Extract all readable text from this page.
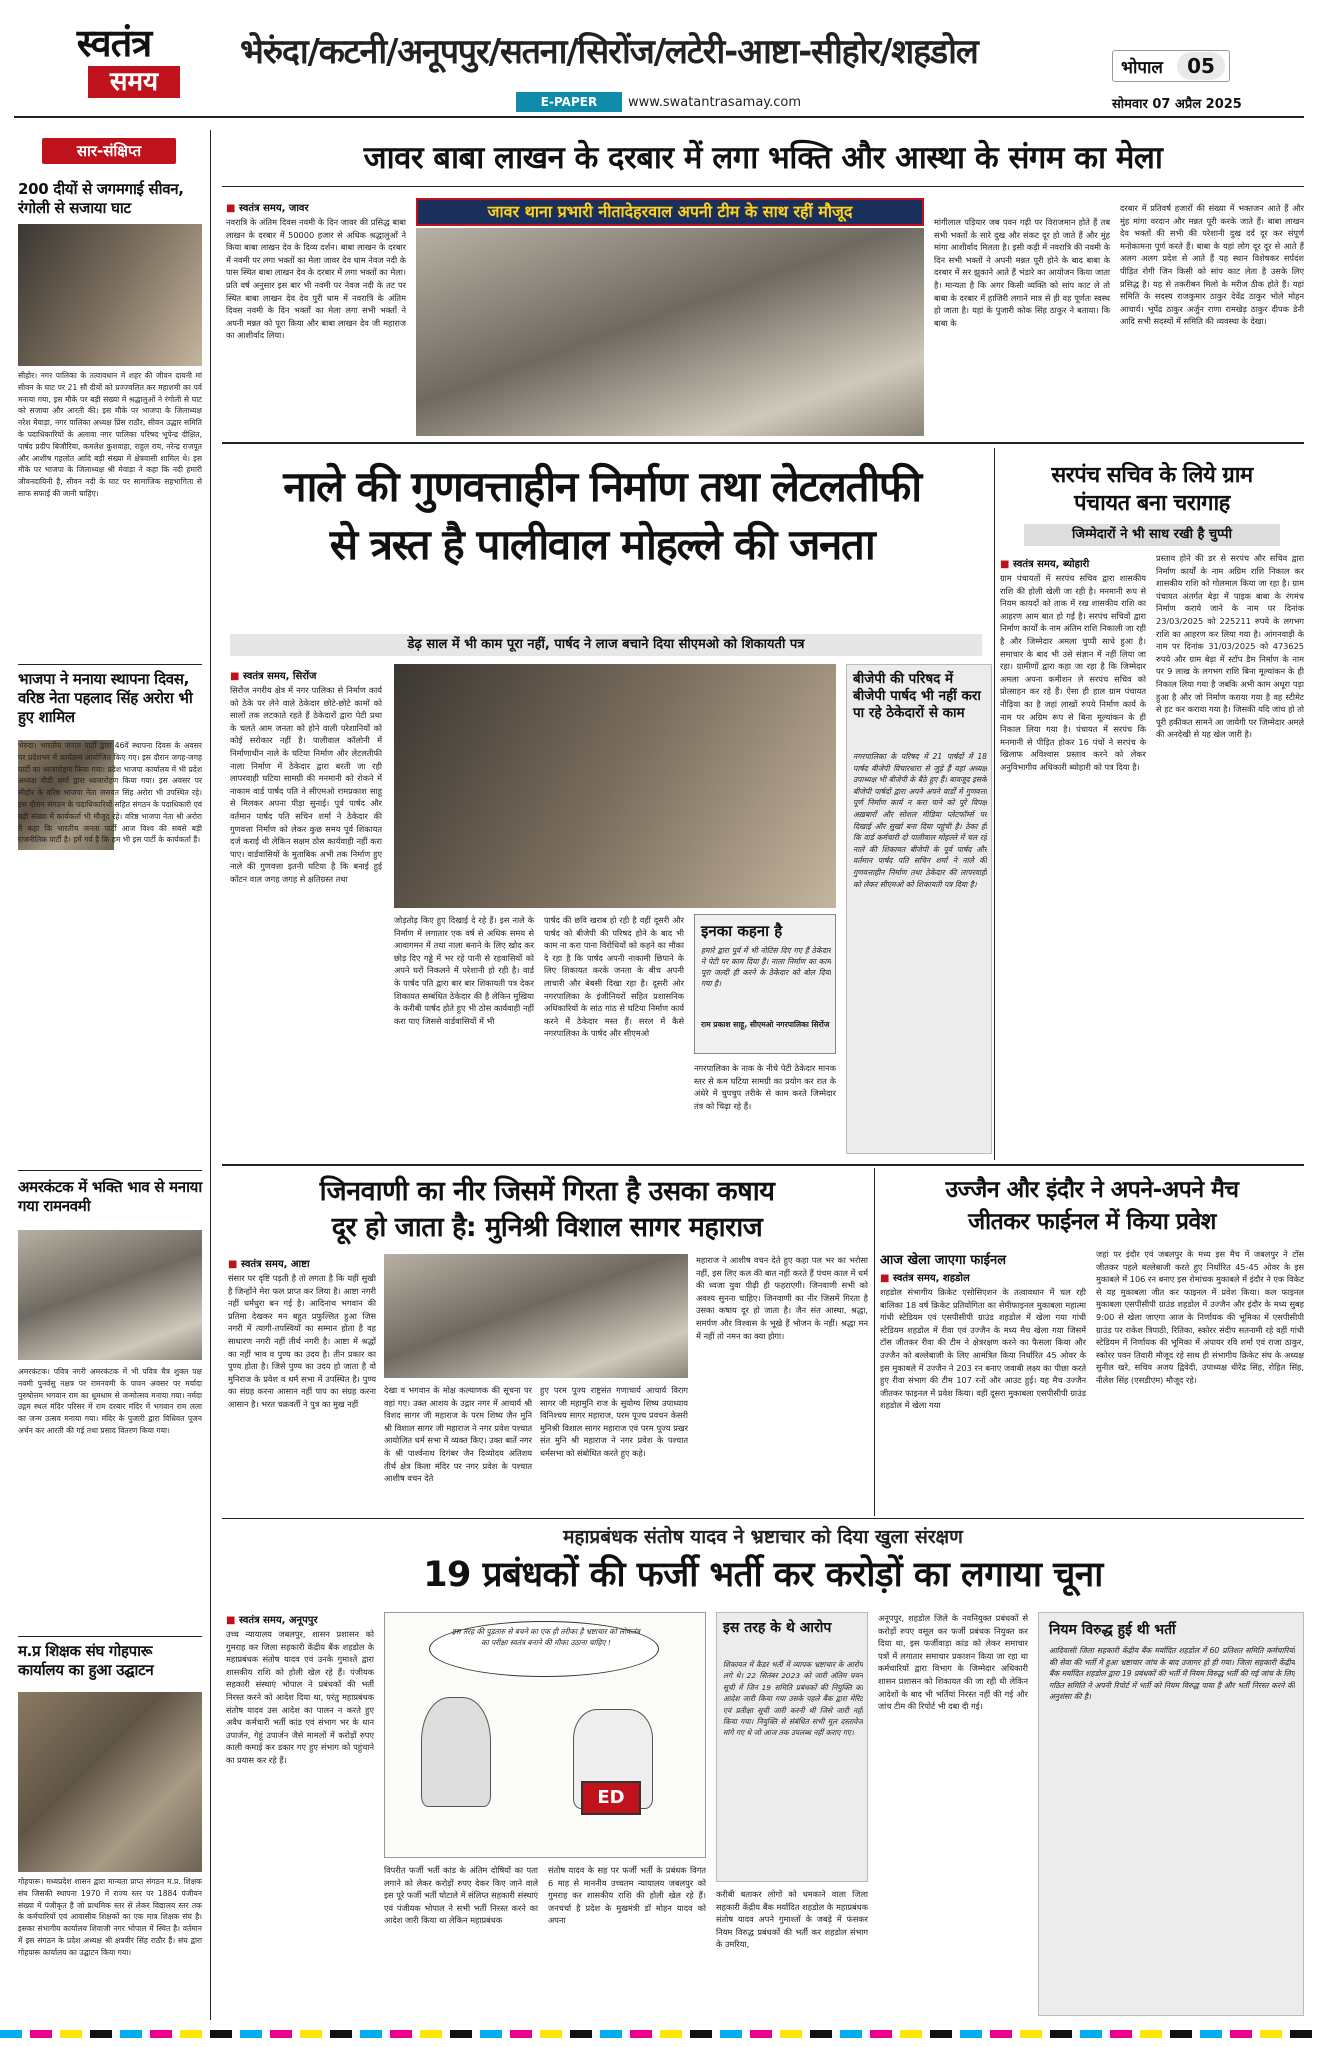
स्वतंत्र
समय
भेरुंदा/कटनी/अनूपपुर/सतना/सिरोंज/लटेरी-आष्टा-सीहोर/शहडोल	भोपाल	05
E-PAPER	www.swatantrasamay.com	सोमवार 07 अप्रैल 2025
सार-संक्षिप्त
200 दीयों से जगमगाई सीवन, रंगोली से सजाया घाट
सीहोर। नगर पालिका के तत्वावधान में शहर की जीवन दायनी मां सीवन के घाट पर 21 सौ दीयों को प्रज्ज्वलित कर महाशमी का पर्व मनाया गया, इस मौके पर बड़ी संख्या में श्रद्धालुओं ने रंगोली से घाट को सजाया और आरती की। इस मौके पर भाजपा के जिलाध्यक्ष नरेश मेवाड़ा, नगर पालिका अध्यक्ष प्रिंस राठौर, सीवन उद्धार समिति के पदाधिकारियों के अलावा नगर पालिका परिषद भूपेन्द्र दीक्षित, पार्षद प्रदीप बिजौरिया, कमलेश कुशवाहा, राहुल राय, नरेन्द्र राजपूत और आशीष गहलोत आदि बड़ी संख्या में क्षेत्रवासी शामिल थे। इस मौके पर भाजपा के जिलाध्यक्ष श्री मेवाड़ा ने कहा कि नदी हमारी जीवनदायिनी है, सीवन नदी के घाट पर सामाजिक सहभागिता से साफ सफाई की जानी चाहिए।
भाजपा ने मनाया स्थापना दिवस, वरिष्ठ नेता पहलाद सिंह अरोरा भी हुए शामिल
भेरुंदा। भारतीय जनता पार्टी द्वारा 46वें स्थापना दिवस के अवसर पर प्रदेशभर में कार्यक्रम आयोजित किए गए। इस दौरान जगह-जगह पार्टी का ध्वजारोहण किया गया। प्रदेश भाजपा कार्यालय में भी प्रदेश अध्यक्ष वीडी शर्मा द्वारा ध्वजारोहण किया गया। इस अवसर पर सीहोर के वरिष्ठ भाजपा नेता जसवंत सिंह अरोरा भी उपस्थित रहे। इस दौरान संगठन के पदाधिकारियों सहित संगठन के पदाधिकारी एवं बड़ी संख्या में कार्यकर्ता भी मौजूद रहे। वरिष्ठ भाजपा नेता श्री अरोरा ने कहा कि भारतीय जनता पार्टी आज विश्व की सबसे बड़ी राजनीतिक पार्टी है। हमें गर्व है कि हम भी इस पार्टी के कार्यकर्ता हैं।
अमरकंटक में भक्ति भाव से मनाया गया रामनवमी
अमरकंटक। पवित्र नगरी अमरकंटक में भी पवित्र चैत्र शुक्ल पक्ष नवमी पुनर्वसु नक्षत्र पर रामनवमी के पावन अवसर पर मर्यादा पुरुषोत्तम भगवान राम का धूमधाम से जन्मोत्सव मनाया गया। नर्मदा उद्गम स्थल मंदिर परिसर में राम दरबार मंदिर में भगवान राम लला का जन्म उत्सव मनाया गया। मंदिर के पुजारी द्वारा विधिवत पूजन अर्चन कर आरती की गई तथा प्रसाद वितरण किया गया।
म.प्र शिक्षक संघ गोहपारू कार्यालय का हुआ उद्घाटन
गोहपारू। मध्यप्रदेश शासन द्वारा मान्यता प्राप्त संगठन म.प्र. शिक्षक संघ जिसकी स्थापना 1970 में राज्य स्तर पर 1884 पंजीयन संख्या में पंजीकृत है जो प्राथमिक स्तर से लेकर विद्यालय स्तर तक के कर्मचारियों एवं आवासीय शिक्षकों का एक मात्र शिक्षक संघ है। इसका संभागीय कार्यालय शिवाजी नगर भोपाल में स्थित है। वर्तमान में इस संगठन के प्रदेश अध्यक्ष श्री क्षत्रवीर सिंह राठौर हैं। संघ द्वारा गोहपारू कार्यालय का उद्घाटन किया गया।
जावर बाबा लाखन के दरबार में लगा भक्ति और आस्था के संगम का मेला
■ स्वतंत्र समय, जावर
नवरात्रि के अंतिम दिवस नवमी के दिन जावर की प्रसिद्ध बाबा लाखन के दरबार में 50000 हजार से अधिक श्रद्धालुओं ने किया बाबा लाखन देव के दिव्य दर्शन। बाबा लाखन के दरबार में नवमी पर लगा भक्तों का मेला जावर देव धाम नेवज नदी के पास स्थित बाबा लाखन देव के दरबार में लगा भक्तों का मेला। प्रति वर्ष अनुसार इस बार भी नवमी पर नेवज नदी के तट पर स्थित बाबा लाखन देव देव पुरी धाम में नवरात्रि के अंतिम दिवस नवमी के दिन भक्तों का मेला लगा सभी भक्तों ने अपनी मन्नत को पूरा किया और बाबा लाखन देव जी महाराज का आशीर्वाद लिया।
जावर थाना प्रभारी नीतादेहरवाल अपनी टीम के साथ रहीं मौजूद
मांगीलाल पड़ियार जब पवन गढ़ी पर विराजमान होते हैं तब सभी भक्तों के सारे दुख और संकट दूर हो जाते हैं और मुंह मांगा आशीर्वाद मिलता है। इसी कड़ी में नवरात्रि की नवमी के दिन सभी भक्तों ने अपनी मन्नत पूरी होने के बाद बाबा के दरबार में सर झुकाने आते हैं भंडारे का आयोजन किया जाता है। मान्यता है कि अगर किसी व्यक्ति को सांप काट ले तो बाबा के दरबार में हाजिरी लगाने मात्र से ही वह पूर्णतः स्वस्थ हो जाता है। यहां के पुजारी कोक सिंह ठाकुर ने बताया। कि बाबा के
दरबार में प्रतिवर्ष हजारों की संख्या में भक्तजन आते हैं और मुंह मांगा वरदान और मन्नत पूरी करके जाते हैं। बाबा लाखन देव भक्तों की सभी की परेशानी दुख दर्द दूर कर संपूर्ण मनोकामना पूर्ण करते हैं। बाबा के यहां लोग दूर दूर से आते हैं अलग अलग प्रदेश से आते हैं यह स्थान विशेषकर सर्पदंश पीड़ित रोगी जिन किसी को सांप काट लेता है उसके लिए प्रसिद्ध है। यह से तकरीबन मिलो के मरीज ठीक होते हैं। यहां समिति के सदस्य राजकुमार ठाकुर देवेंद्र ठाकुर भोले मोहन आचार्य। भूपेंद्र ठाकुर अर्जुन राणा रामखेड़ ठाकुर दीपक डेनी आदि सभी सदस्यों में समिति की व्यवस्था के देखा।
नाले की गुणवत्ताहीन निर्माण तथा लेटलतीफी
से त्रस्त है पालीवाल मोहल्ले की जनता
डेढ़ साल में भी काम पूरा नहीं, पार्षद ने लाज बचाने दिया सीएमओ को शिकायती पत्र
■ स्वतंत्र समय, सिरोंज
सिरोंज नगरीय क्षेत्र में नगर पालिका से निर्माण कार्य को ठेके पर लेने वाले ठेकेदार छोटे-छोटे कामों को सालों तक लटकाते रहते हैं ठेकेदारों द्वारा पेटी प्रथा के चलते आम जनता को होने वाली परेशानियों को कोई सरोकार नहीं है। पालीवाल कॉलोनी में निर्माणाधीन नाले के घटिया निर्माण और लेटलतीफी नाला निर्माण में ठेकेदार द्वारा बरती जा रही लापरवाही घटिया सामग्री की मनमानी को रोकने में नाकाम वार्ड पार्षद पति ने सीएमओ रामप्रकाश साहू से मिलकर अपना पीड़ा सुनाई। पूर्व पार्षद और वर्तमान पार्षद पति सचिन शर्मा ने ठेकेदार की गुणवत्ता निर्माण को लेकर कुछ समय पूर्व शिकायत दर्ज कराई थी लेकिन सक्षम ठोस कार्यवाही नहीं करा पाए। वार्डवासियों के मुताबिक अभी तक निर्माण हुए नाले की गुणवत्ता इतनी घटिया है कि बनाई हुई कॉटन वाल जगह जगह से क्षतिग्रस्त तथा
जोड़तोड़ किए हुए दिखाई दे रहे हैं। इस नाले के निर्माण में लगातार एक वर्ष से अधिक समय से आवागमन में तथा नाला बनाने के लिए खोद कर छोड़ दिए गड्ढे में भर रहे पानी से रहवासियों को अपने घरों निकलने में परेशानी हो रही है। वार्ड के पार्षद पति द्वारा बार बार शिकायती पत्र देकर शिकायत सम्बंधित ठेकेदार की है लेकिन मुखिया के करीबी पार्षद होते हुए भी ठोस कार्यवाही नहीं करा पाए जिससे वार्डवासियों में भी
पार्षद की छवि खराब हो रही है वहीं दूसरी और पार्षद को बीजेपी की परिषद होने के बाद भी काम ना करा पाना विरोधियों को कहने का मौका दे रहा है कि पार्षद अपनी नाकामी छिपाने के लिए शिकायत करके जनता के बीच अपनी लाचारी और बेबसी दिखा रहा है। दूसरी ओर नगरपालिका के इंजीनियरों सहित प्रशासनिक अधिकारियों के सांठ गांठ से घटिया निर्माण कार्य करने में ठेकेदार मस्त हैं। सरल में कैसे नगरपालिका के पार्षद और सीएमओ
इनका कहना है
हमारे द्वारा पूर्व में भी नोटिस दिए गए हैं ठेकेदार ने पेटी पर काम दिया है। नाला निर्माण का काम पूरा जल्दी ही करने के ठेकेदार को बोल दिया गया है।
राम प्रकाश साहू, सीएमओ नगरपालिका सिरोंज
नगरपालिका के नाक के नीचे पेटी ठेकेदार मानक स्तर से कम घटिया सामग्री का प्रयोग कर रात के अंधेरे में चुपचुप तरीके से काम करते जिम्मेदार तंत्र को चिढ़ा रहे हैं।
बीजेपी की परिषद में बीजेपी पार्षद भी नहीं करा पा रहे ठेकेदारों से काम
नगरपालिका के परिषद में 21 पार्षदों में 18 पार्षद बीजेपी विचारधारा से जुड़े हैं यहां अध्यक्ष उपाध्यक्ष भी बीजेपी के बैठे हुए हैं। बावजूद इसके बीजेपी पार्षदों द्वारा अपने अपने वार्डों में गुणवत्ता पूर्ण निर्माण कार्य न करा पाने को पूरे विपक्ष अख़बारों और सोशल मीडिया प्लेटफॉर्म्स पर दिखाई और सुर्खा बना दिया पहुंची है। ठेका ही कि वार्ड कर्मचारी दो पालीवाल मोहल्ले में चल रहे नाले की शिकायत बीजेपी के पूर्व पार्षद और वर्तमान पार्षद पति सचिन शर्मा ने नाले की गुणवत्ताहीन निर्माण तथा ठेकेदार की लापरवाही को लेकर सीएमओ को शिकायती पत्र दिया है।
सरपंच सचिव के लिये ग्राम
पंचायत बना चरागाह
जिम्मेदारों ने भी साध रखी है चुप्पी
■ स्वतंत्र समय, ब्योहारी
ग्राम पंचायतों में सरपंच सचिव द्वारा शासकीय राशि की होली खेली जा रही है। मनमानी रूप से नियम कायदों को ताक में रख शासकीय राशि का आहरण आम बात हो गई है। सरपंच सचिवों द्वारा निर्माण कार्यों के नाम अंतिम राशि निकाली जा रही है और जिम्मेदार अमला चुप्पी साधे हुआ है। समाचार के बाद भी उसे संज्ञान में नहीं लिया जा रहा। ग्रामीणों द्वारा कहा जा रहा है कि जिम्मेदार अमला अपना कमीशन ले सरपंच सचिव को प्रोत्साहन कर रहे हैं। ऐसा ही हाल ग्राम पंचायत नौढ़िया का है जहां लाखों रुपये निर्माण कार्य के नाम पर अग्रिम रूप से बिना मूल्यांकन के ही निकाल लिया गया है। पंचायत में सरपंच कि मनमानी से पीड़ित होकर 16 पंचों ने सरपंच के खिलाफ अविश्वास प्रस्ताव करने को लेकर अनुविभागीय अधिकारी ब्योहारी को पत्र दिया है।
प्रस्ताव होने की डर से सरपंच और सचिव द्वारा निर्माण कार्यों के नाम अग्रिम राशि निकाल कर शासकीय राशि को गोलमाल किया जा रहा है। ग्राम पंचायत अंतर्गत बेड़ा में पाइक बाबा के रंगमंच निर्माण कराये जाने के नाम पर दिनांक 23/03/2025 को 225211 रुपये के लगभग राशि का आहरण कर लिया गया है। आंगनवाड़ी के नाम पर दिनांक 31/03/2025 को 473625 रुपये और ग्राम बेड़ा में स्टॉप डैम निर्माण के नाम पर 9 लाख के लगभग राशि बिना मूल्यांकन के ही निकाल लिया गया है जबकि अभी काम अधूरा पड़ा हुआ है और जो निर्माण कराया गया है वह स्टीमेट से हट कर कराया गया है। जिसकी यदि जांच हो तो पूरी हकीकत सामने आ जायेगी पर जिम्मेदार अमले की अनदेखी से यह खेल जारी है।
जिनवाणी का नीर जिसमें गिरता है उसका कषाय
दूर हो जाता है: मुनिश्री विशाल सागर महाराज
■ स्वतंत्र समय, आष्टा
संसार पर दृष्टि पड़ती है तो लगता है कि यहीं सुखी है जिन्होंने मेरा फल प्राप्त कर लिया है। आष्टा नगरी नहीं धर्मधुरा बन गई है। आदिनाथ भगवान की प्रतिमा देखकर मन बहुत प्रफुल्लित हुआ जिस नगरी में त्यागी-तपस्वियों का सम्मान होता है वह साधारण नगरी नहीं तीर्थ नगरी है। आष्टा में श्रद्धों का नहीं भाव व पुण्य का उदय है। तीन प्रकार का पुण्य होता है। जिसे पुण्य का उदय हो जाता है वो मुनिराज के प्रवेश व धर्म सभा में उपस्थित है। पुण्य का संग्रह करना आसान नहीं पाप का संग्रह करना आसान है। भरत चक्रवर्ती ने पुत्र का मुख नहीं
देखा व भगवान के मोक्ष कल्याणक की सूचना पर वहां गए। उक्त आशय के उद्गार नगर में आचार्य श्री विशद सागर जी महाराज के परम शिष्य जैन मुनि श्री विशाल सागर जी महाराज ने नगर प्रवेश पश्चात आयोजित धर्म सभा में व्यक्त किए। उक्त बातें नगर के श्री पार्श्वनाथ दिगंबर जैन दिव्योदय अतिशय तीर्थ क्षेत्र किला मंदिर पर नगर प्रवेश के पश्चात आशीष वचन देते
हुए परम पूज्य राष्ट्रसंत गणाचार्य आचार्य विराग सागर जी महामुनि राज के सुयोग्य शिष्य उपाध्याय विनिश्चय सागर महाराज, परम पूज्य प्रवचन केसरी मुनिश्री विशाल सागर महाराज एवं परम पूज्य प्रखर संत मुनि श्री महाराज ने नगर प्रवेश के पश्चात धर्मसभा को संबोधित करते हुए कहे।
महाराज ने आशीष वचन देते हुए कहा पल भर का भरोसा नहीं, इस लिए कल की बात नहीं करते हैं पंचम काल में धर्म की ध्वजा युवा पीढ़ी ही फहराएगी। जिनवाणी सभी को अवश्य सुनना चाहिए। जिनवाणी का नीर जिसमें गिरता है उसका कषाय दूर हो जाता है। जैन संत आस्था, श्रद्धा, समर्पण और विश्वास के भूखे हैं भोजन के नहीं। श्रद्धा मन में नहीं तो नमन का क्या होगा।
उज्जैन और इंदौर ने अपने-अपने मैच
जीतकर फाईनल में किया प्रवेश
आज खेला जाएगा फाईनल
■ स्वतंत्र समय, शहडोल
शहडोल संभागीय क्रिकेट एसोसिएशन के तत्वावधान में चल रही बालिका 18 वर्ष क्रिकेट प्रतियोगिता का सेमीफाइनल मुकाबला महात्मा गांधी स्टेडियम एवं एसपीसीपी ग्राउंड शहडोल में खेला गया गांधी स्टेडियम शहडोल में रीवा एवं उज्जैन के मध्य मैच खेला गया जिसमें टॉस जीतकर रीवा की टीम ने क्षेत्ररक्षण करने का फैसला किया और उज्जैन को बल्लेबाजी के लिए आमंत्रित किया निर्धारित 45 ओवर के इस मुकाबले में उज्जैन ने 203 रन बनाए जवाबी लक्ष्य का पीछा करते हुए रीवा संभाग की टीम 107 रनों और आउट हुई। यह मैच उज्जैन जीतकर फाइनल में प्रवेश किया। वहीं दूसरा मुकाबला एसपीसीपी ग्राउंड शहडोल में खेला गया
जहां पर इंदौर एवं जबलपुर के मध्य इस मैच में जबलपुर ने टॉस जीतकर पहले बल्लेबाजी करते हुए निर्धारित 45-45 ओवर के इस मुकाबले में 106 रन बनाए इस रोमांचक मुकाबले में इंदौर ने एक विकेट से यह मुकाबला जीत कर फाइनल में प्रवेश किया। कल फाइनल मुकाबला एसपीसीपी ग्राउंड शहडोल में उज्जैन और इंदौर के मध्य सुबह 9:00 से खेला जाएगा आज के निर्णायक की भूमिका में एसपीसीपी ग्राउंड पर राकेश त्रिपाठी, रितिका, स्कोरर संदीप सतनामी रहे वहीं गांधी स्टेडियम में निर्णायक की भूमिका में अंपायर रवि शर्मा एवं राजा ठाकुर, स्कोरर पवन तिवारी मौजूद रहे साथ ही संभागीय क्रिकेट संघ के अध्यक्ष सुनील खरे, सचिव अजय द्विवेदी, उपाध्यक्ष धीरेंद्र सिंह, रोहित सिंह, नीलेश सिंह (एसडीएम) मौजूद रहे।
महाप्रबंधक संतोष यादव ने भ्रष्टाचार को दिया खुला संरक्षण
19 प्रबंधकों की फर्जी भर्ती कर करोड़ों का लगाया चूना
■ स्वतंत्र समय, अनूपपुर
उच्च न्यायालय जबलपुर, शासन प्रशासन को गुमराह कर जिला सहकारी केंद्रीय बैंक शहडोल के महाप्रबंधक संतोष यादव एवं उनके गुमाश्ते द्वारा शासकीय राशि को होली खेल रहे हैं। पंजीयक सहकारी संस्थाएं भोपाल ने प्रबंधकों की भर्ती निरस्त करने को आदेश दिया था, परंतु महाप्रबंधक संतोष यादव उस आदेश का पालन न करते हुए अवैध कर्मचारी भर्ती कांड एवं संभाग भर के धान उपार्जन, गेहूं उपार्जन जैसे मामलों में करोड़ों रुपए काली कमाई कर डकार गए हुए संभाग को पहुंचाने का प्रयास कर रहे हैं।
इस तरह की पुड़तारु से बचने का एक ही तरीका है भ्रष्टाचार को लोकतंत्र का परीक्षा स्वतंत्र बनाने की मौका उठाना चाहिए !
ED
विपरीत फर्जी भर्ती कांड के अंतिम दोषियों का पता लगाने को लेकर करोड़ों रुपए देकर किए जाने वाले इस पूरे फर्जी भर्ती घोटाले में संलिप्त सहकारी संस्थाएं एवं पंजीयक भोपाल ने सभी भर्ती निरस्त करने का आदेश जारी किया था लेकिन महाप्रबंधक
संतोष यादव के सह पर फर्जी भर्ती के प्रबंधक विगत 6 माह से माननीय उच्चतम न्यायालय जबलपुर को गुमराह कर शासकीय राशि की होली खेल रहे हैं। जनचर्चा है प्रदेश के मुखमंत्री डॉ मोहन यादव को अपना
इस तरह के थे आरोप
शिकायत में कैडर भर्ती में व्यापक भ्रष्टाचार के आरोप लगे थे। 22 सितंबर 2023 को जारी अंतिम चयन सूची में जिन 19 समिति प्रबंधकों की नियुक्ति का आदेश जारी किया गया उसके पहले बैंक द्वारा मेरिट एवं प्रतीक्षा सूची जारी करनी थी जिसे जारी नहीं किया गया। नियुक्ति से संबंधित सभी मूल दस्तावेज मांगे गए थे जो आज तक उपलब्ध नहीं कराए गए।
करीबी बताकर लोगों को धमकाने वाला जिला सहकारी केंद्रीय बैंक मर्यादित शहडोल के महाप्रबंधक संतोष यादव अपने गुमाश्तों के जबड़े में फंसकर नियम विरुद्ध प्रबंधकों की भर्ती कर शहडोल संभाग के उमरिया,
अनूपपुर, शहडोल जिले के नवनियुक्त प्रबंधकों से करोड़ों रुपए वसूल कर फर्जी प्रबंधक नियुक्त कर दिया था, इस फर्जीवाड़ा कांड को लेकर समाचार पत्रों में लगातार समाचार प्रकाशन किया जा रहा था कर्मचारियों द्वारा विभाग के जिम्मेदार अधिकारी शासन प्रशासन को शिकायत की जा रही थी लेकिन आदेशों के बाद भी भर्तियां निरस्त नहीं की गई और जांच टीम की रिपोर्ट भी दबा दी गई।
नियम विरुद्ध हुई थी भर्ती
आदिवासी जिला सहकारी केंद्रीय बैंक मर्यादित शहडोल में 60 प्रतिशत समिति कर्मचारियों की सेवा की भर्ती में हुआ भ्रष्टाचार जांच के बाद उजागर हो ही गया। जिला सहकारी केंद्रीय बैंक मर्यादित शहडोल द्वारा 19 प्रबंधकों की भर्ती में नियम विरुद्ध भर्ती की गई जांच के लिए गठित समिति ने अपनी रिपोर्ट में भर्ती को नियम विरुद्ध पाया है और भर्ती निरस्त करने की अनुशंसा की है।
